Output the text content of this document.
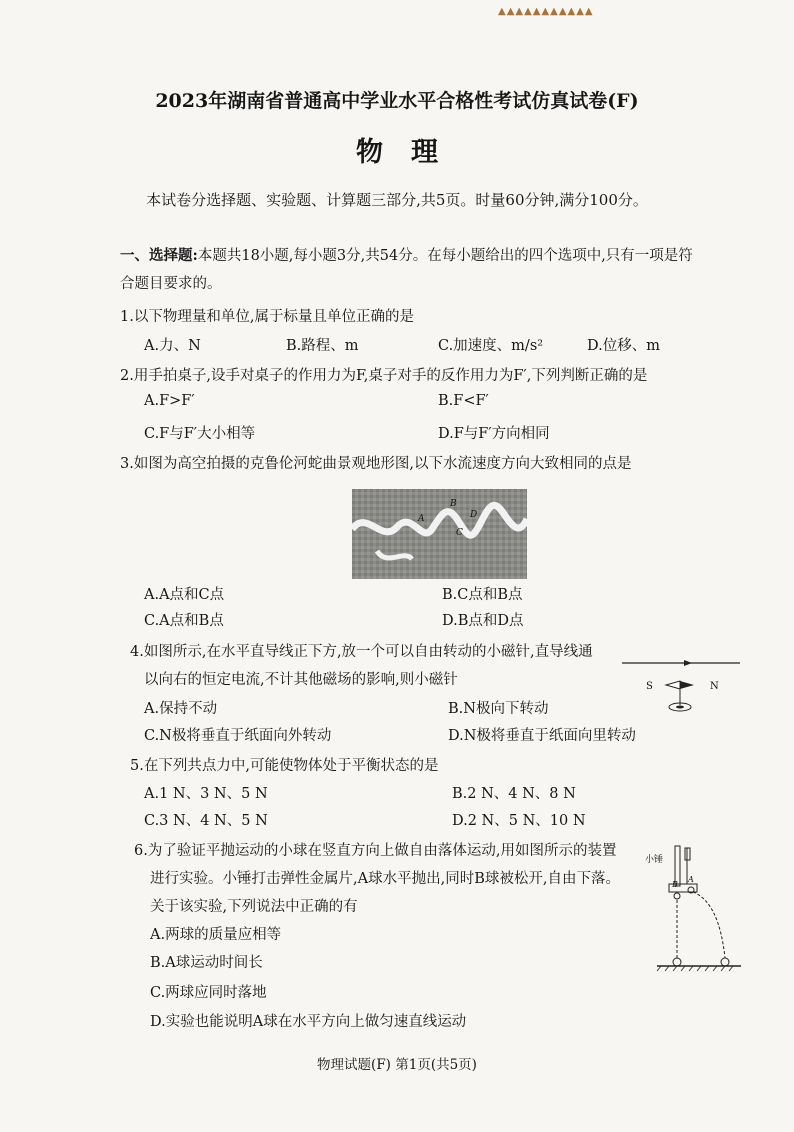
▲▲▲▲▲▲▲▲▲▲▲
2023年湖南省普通高中学业水平合格性考试仿真试卷(F)
物理
本试卷分选择题、实验题、计算题三部分,共5页。时量60分钟,满分100分。
一、选择题:本题共18小题,每小题3分,共54分。在每小题给出的四个选项中,只有一项是符
合题目要求的。
1.以下物理量和单位,属于标量且单位正确的是
A.力、N	B.路程、m	C.加速度、m/s²	D.位移、m
2.用手拍桌子,设手对桌子的作用力为F,桌子对手的反作用力为F′,下列判断正确的是
A.F>F′	B.F<F′
C.F与F′大小相等	D.F与F′方向相同
3.如图为高空拍摄的克鲁伦河蛇曲景观地形图,以下水流速度方向大致相同的点是
A
B
C
D
A.A点和C点	B.C点和B点
C.A点和B点	D.B点和D点
4.如图所示,在水平直导线正下方,放一个可以自由转动的小磁针,直导线通
以向右的恒定电流,不计其他磁场的影响,则小磁针	S	N
A.保持不动	B.N极向下转动
C.N极将垂直于纸面向外转动	D.N极将垂直于纸面向里转动
5.在下列共点力中,可能使物体处于平衡状态的是
A.1 N、3 N、5 N	B.2 N、4 N、8 N
C.3 N、4 N、5 N	D.2 N、5 N、10 N
6.为了验证平抛运动的小球在竖直方向上做自由落体运动,用如图所示的装置
进行实验。小锤打击弹性金属片,A球水平抛出,同时B球被松开,自由下落。
关于该实验,下列说法中正确的有
小锤
B
A
A.两球的质量应相等
B.A球运动时间长
C.两球应同时落地
D.实验也能说明A球在水平方向上做匀速直线运动
物理试题(F) 第1页(共5页)
